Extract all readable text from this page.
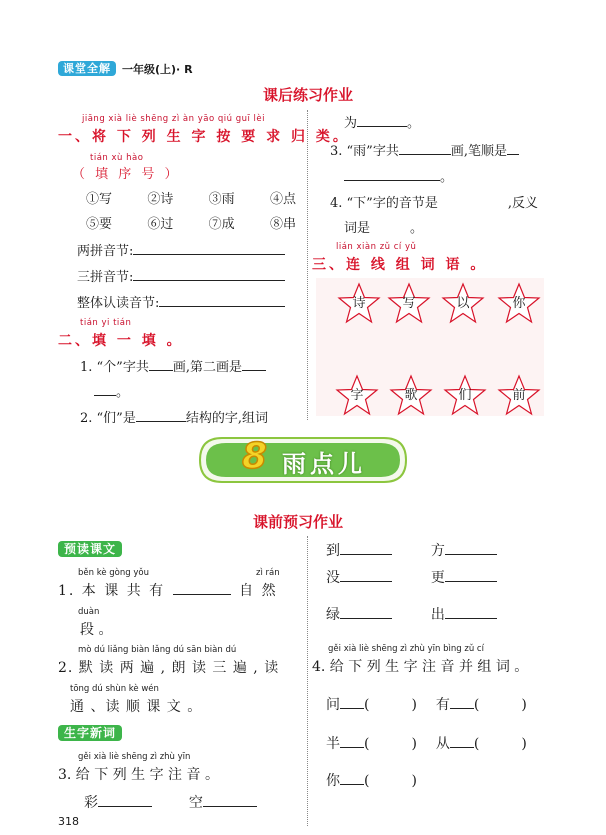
课堂全解	一年级(上)· R
课后练习作业
jiāng xià liè shēng zì àn yāo qiú guī lèi
一、将 下 列 生 字 按 要 求 归 类。
tián xù hào
（ 填 序 号 ）
①写	②诗	③雨	④点
⑤要	⑥过	⑦成	⑧串
两拼音节:
三拼音节:
整体认读音节:
tián yi tián
二、填 一 填 。
1. “个”字共 画,第二画是
。
2. “们”是	结构的字,组词
为	。
3. “雨”字共	画,笔顺是
。
4. “下”字的音节是	,反义
词是	。
lián xiàn zǔ cí yǔ
三、连 线 组 词 语 。
诗	写	以	你
字	歌	们	前
8 雨点儿
课前预习作业
预读课文
běn kè gòng yǒu	zì rán
1. 本 课 共 有	自 然
duàn
段 。
mò dú liǎng biàn lǎng dú sān biàn dú
2. 默 读 两 遍 , 朗 读 三 遍 , 读
tōng dú shùn kè wén
通 、读 顺 课 文 。
生字新词
gěi xià liè shēng zì zhù yīn
3. 给 下 列 生 字 注 音 。
彩	空
318
到	方
没	更
绿	出
gěi xià liè shēng zì zhù yīn bìng zǔ cí
4. 给 下 列 生 字 注 音 并 组 词 。
问 (	) 有 (	)
半 (	) 从 (	)
你 (	)
